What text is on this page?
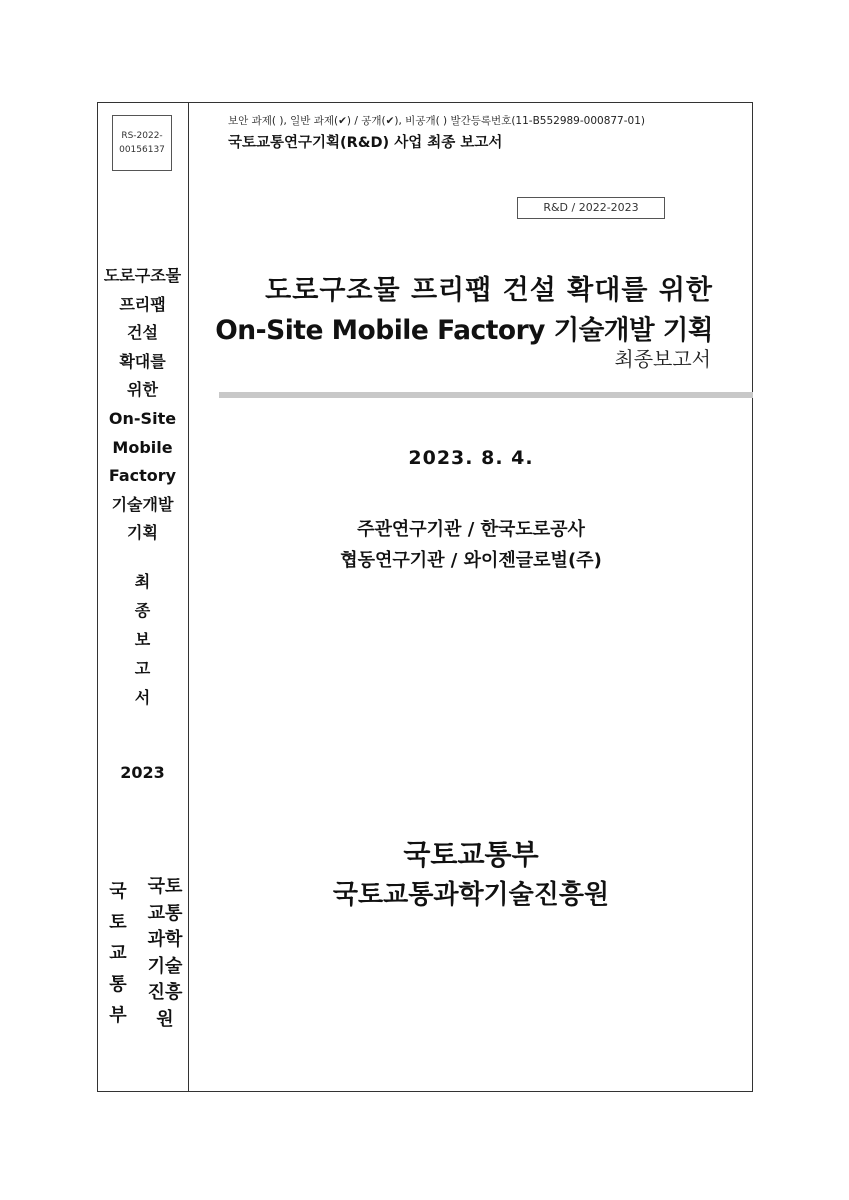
RS-2022-
00156137
도로구조물
프리팹
건설
확대를
위한
On-Site
Mobile
Factory
기술개발
기획
최
종
보
고
서
2023
국
토
교
통
부
국토
교통
과학
기술
진흥
원
보안 과제( ), 일반 과제(✔) / 공개(✔), 비공개( ) 발간등록번호(11-B552989-000877-01)
국토교통연구기획(R&D) 사업 최종 보고서
R&D / 2022-2023
도로구조물 프리팹 건설 확대를 위한
On-Site Mobile Factory 기술개발 기획
최종보고서
2023. 8. 4.
주관연구기관 / 한국도로공사
협동연구기관 / 와이젠글로벌(주)
국토교통부
국토교통과학기술진흥원
